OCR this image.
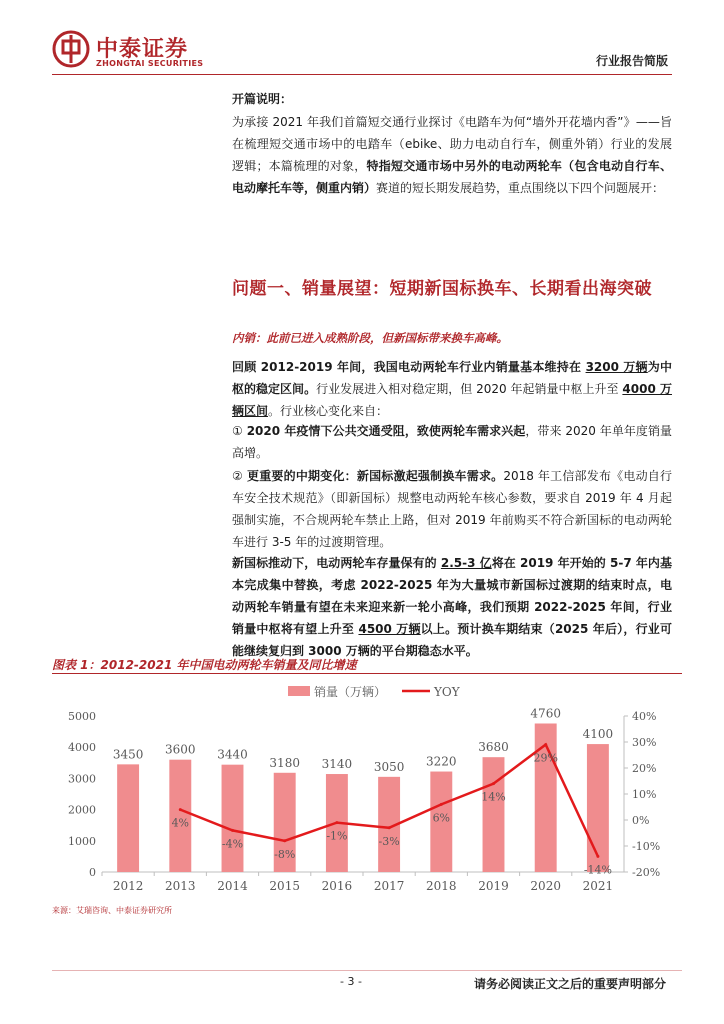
中泰证券
ZHONGTAI SECURITIES	行业报告简版
开篇说明：
为承接 2021 年我们首篇短交通行业探讨《电踏车为何“墙外开花墙内香”》——旨在梳理短交通市场中的电踏车（ebike、助力电动自行车，侧重外销）行业的发展逻辑；本篇梳理的对象，特指短交通市场中另外的电动两轮车（包含电动自行车、电动摩托车等，侧重内销）赛道的短长期发展趋势，重点围绕以下四个问题展开：
问题一、销量展望：短期新国标换车、长期看出海突破
内销：此前已进入成熟阶段，但新国标带来换车高峰。
回顾 2012-2019 年间，我国电动两轮车行业内销量基本维持在 3200 万辆为中枢的稳定区间。行业发展进入相对稳定期，但 2020 年起销量中枢上升至 4000 万辆区间。行业核心变化来自：
① 2020 年疫情下公共交通受阻，致使两轮车需求兴起，带来 2020 年单年度销量高增。
② 更重要的中期变化：新国标激起强制换车需求。2018 年工信部发布《电动自行车安全技术规范》（即新国标）规整电动两轮车核心参数，要求自 2019 年 4 月起强制实施，不合规两轮车禁止上路，但对 2019 年前购买不符合新国标的电动两轮车进行 3-5 年的过渡期管理。
新国标推动下，电动两轮车存量保有的 2.5-3 亿将在 2019 年开始的 5-7 年内基本完成集中替换，考虑 2022-2025 年为大量城市新国标过渡期的结束时点，电动两轮车销量有望在未来迎来新一轮小高峰，我们预期 2022-2025 年间，行业销量中枢将有望上升至 4500 万辆以上。预计换车期结束（2025 年后），行业可能继续复归到 3000 万辆的平台期稳态水平。
图表 1：2012-2021 年中国电动两轮车销量及同比增速
销量（万辆）	YOY
0
1000
2000
3000
4000
5000
-20%
-10%
0%
10%
20%
30%
40%
3450
2012
3600
2013
3440
2014
3180
2015
3140
2016
3050
2017
3220
2018
3680
2019
4760
2020
4100
2021
4%
-4%
-8%
-1%	-3%
6%
14%
29%
-14%
来源：艾瑞咨询、中泰证券研究所
- 3 -	请务必阅读正文之后的重要声明部分
